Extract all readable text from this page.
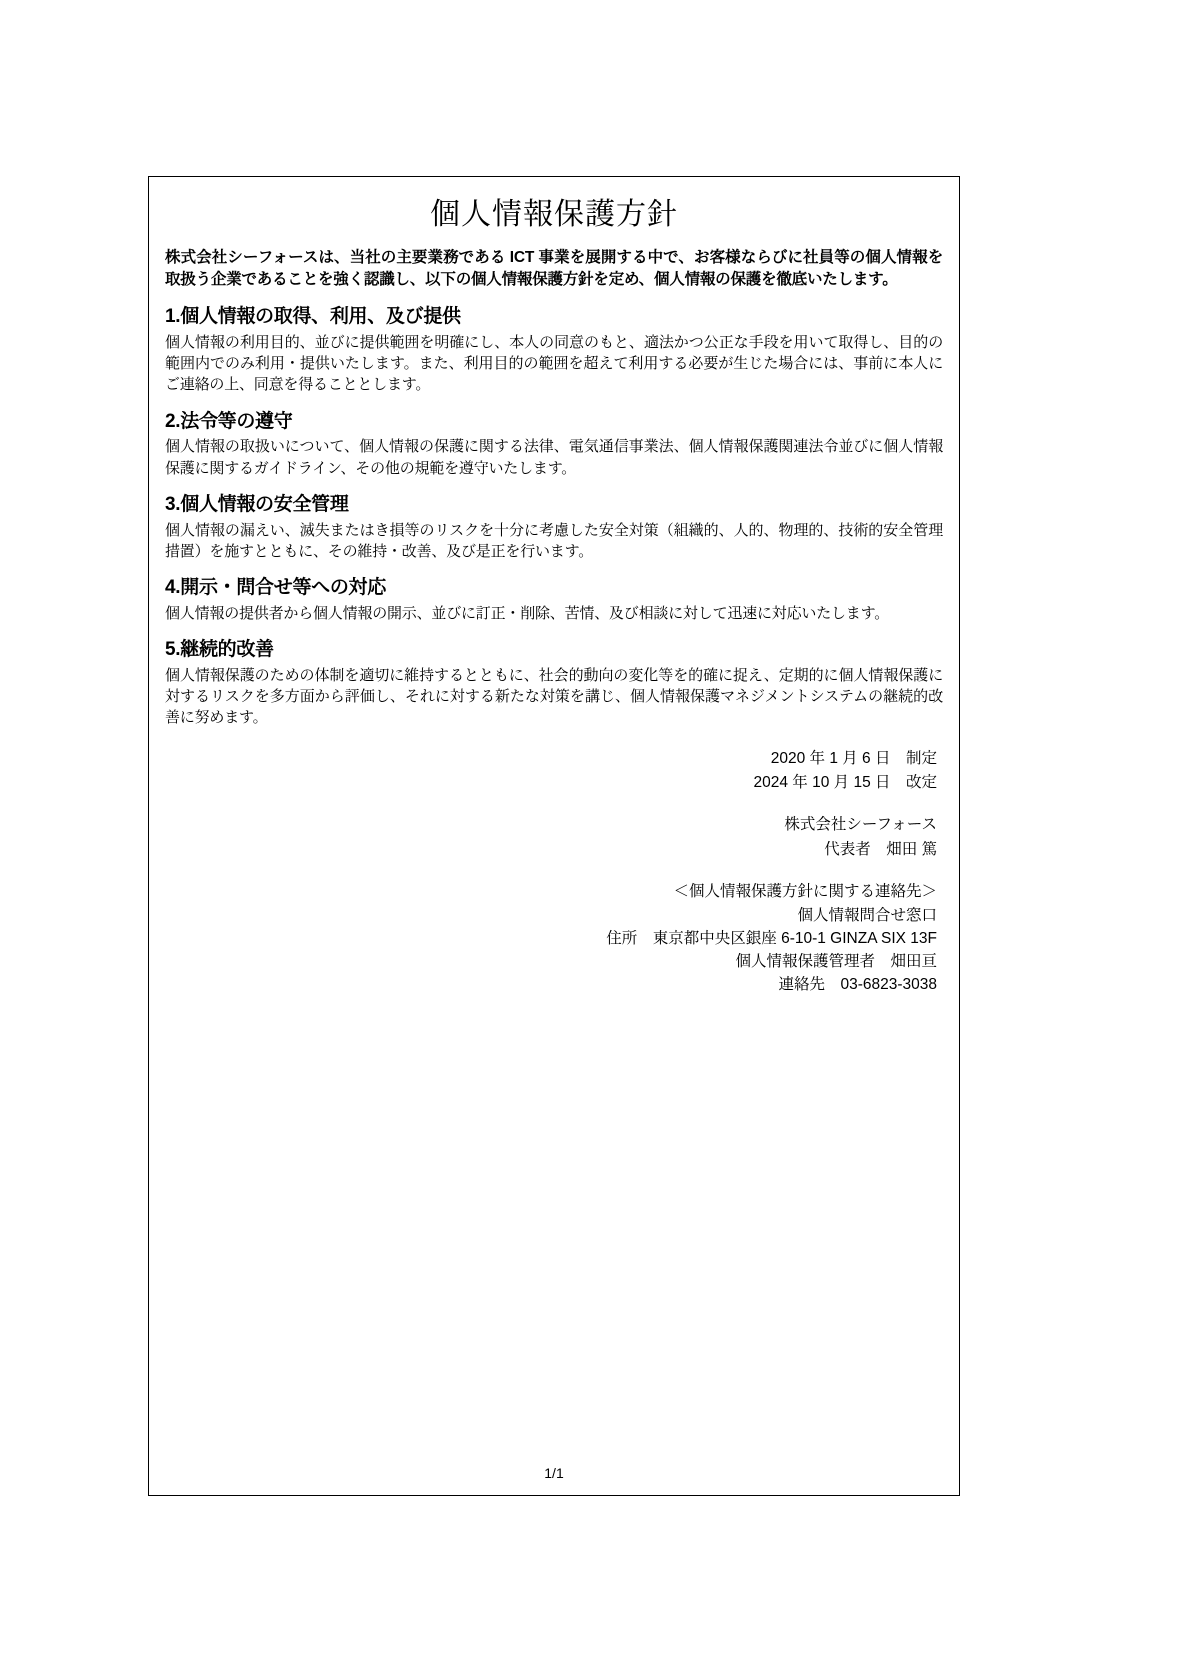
個人情報保護方針

株式会社シーフォースは、当社の主要業務である ICT 事業を展開する中で、お客様ならびに社員等の個人情報を取扱う企業であることを強く認識し、以下の個人情報保護方針を定め、個人情報の保護を徹底いたします。

1.個人情報の取得、利用、及び提供

個人情報の利用目的、並びに提供範囲を明確にし、本人の同意のもと、適法かつ公正な手段を用いて取得し、目的の範囲内でのみ利用・提供いたします。また、利用目的の範囲を超えて利用する必要が生じた場合には、事前に本人にご連絡の上、同意を得ることとします。

2.法令等の遵守

個人情報の取扱いについて、個人情報の保護に関する法律、電気通信事業法、個人情報保護関連法令並びに個人情報保護に関するガイドライン、その他の規範を遵守いたします。

3.個人情報の安全管理

個人情報の漏えい、滅失またはき損等のリスクを十分に考慮した安全対策（組織的、人的、物理的、技術的安全管理措置）を施すとともに、その維持・改善、及び是正を行います。

4.開示・問合せ等への対応

個人情報の提供者から個人情報の開示、並びに訂正・削除、苦情、及び相談に対して迅速に対応いたします。

5.継続的改善

個人情報保護のための体制を適切に維持するとともに、社会的動向の変化等を的確に捉え、定期的に個人情報保護に対するリスクを多方面から評価し、それに対する新たな対策を講じ、個人情報保護マネジメントシステムの継続的改善に努めます。

2020 年 1 月 6 日　制定
2024 年 10 月 15 日　改定
株式会社シーフォース
代表者　畑田 篤
＜個人情報保護方針に関する連絡先＞
個人情報問合せ窓口
住所　東京都中央区銀座 6-10-1 GINZA SIX 13F
個人情報保護管理者　畑田亘
連絡先　03-6823-3038
1/1
